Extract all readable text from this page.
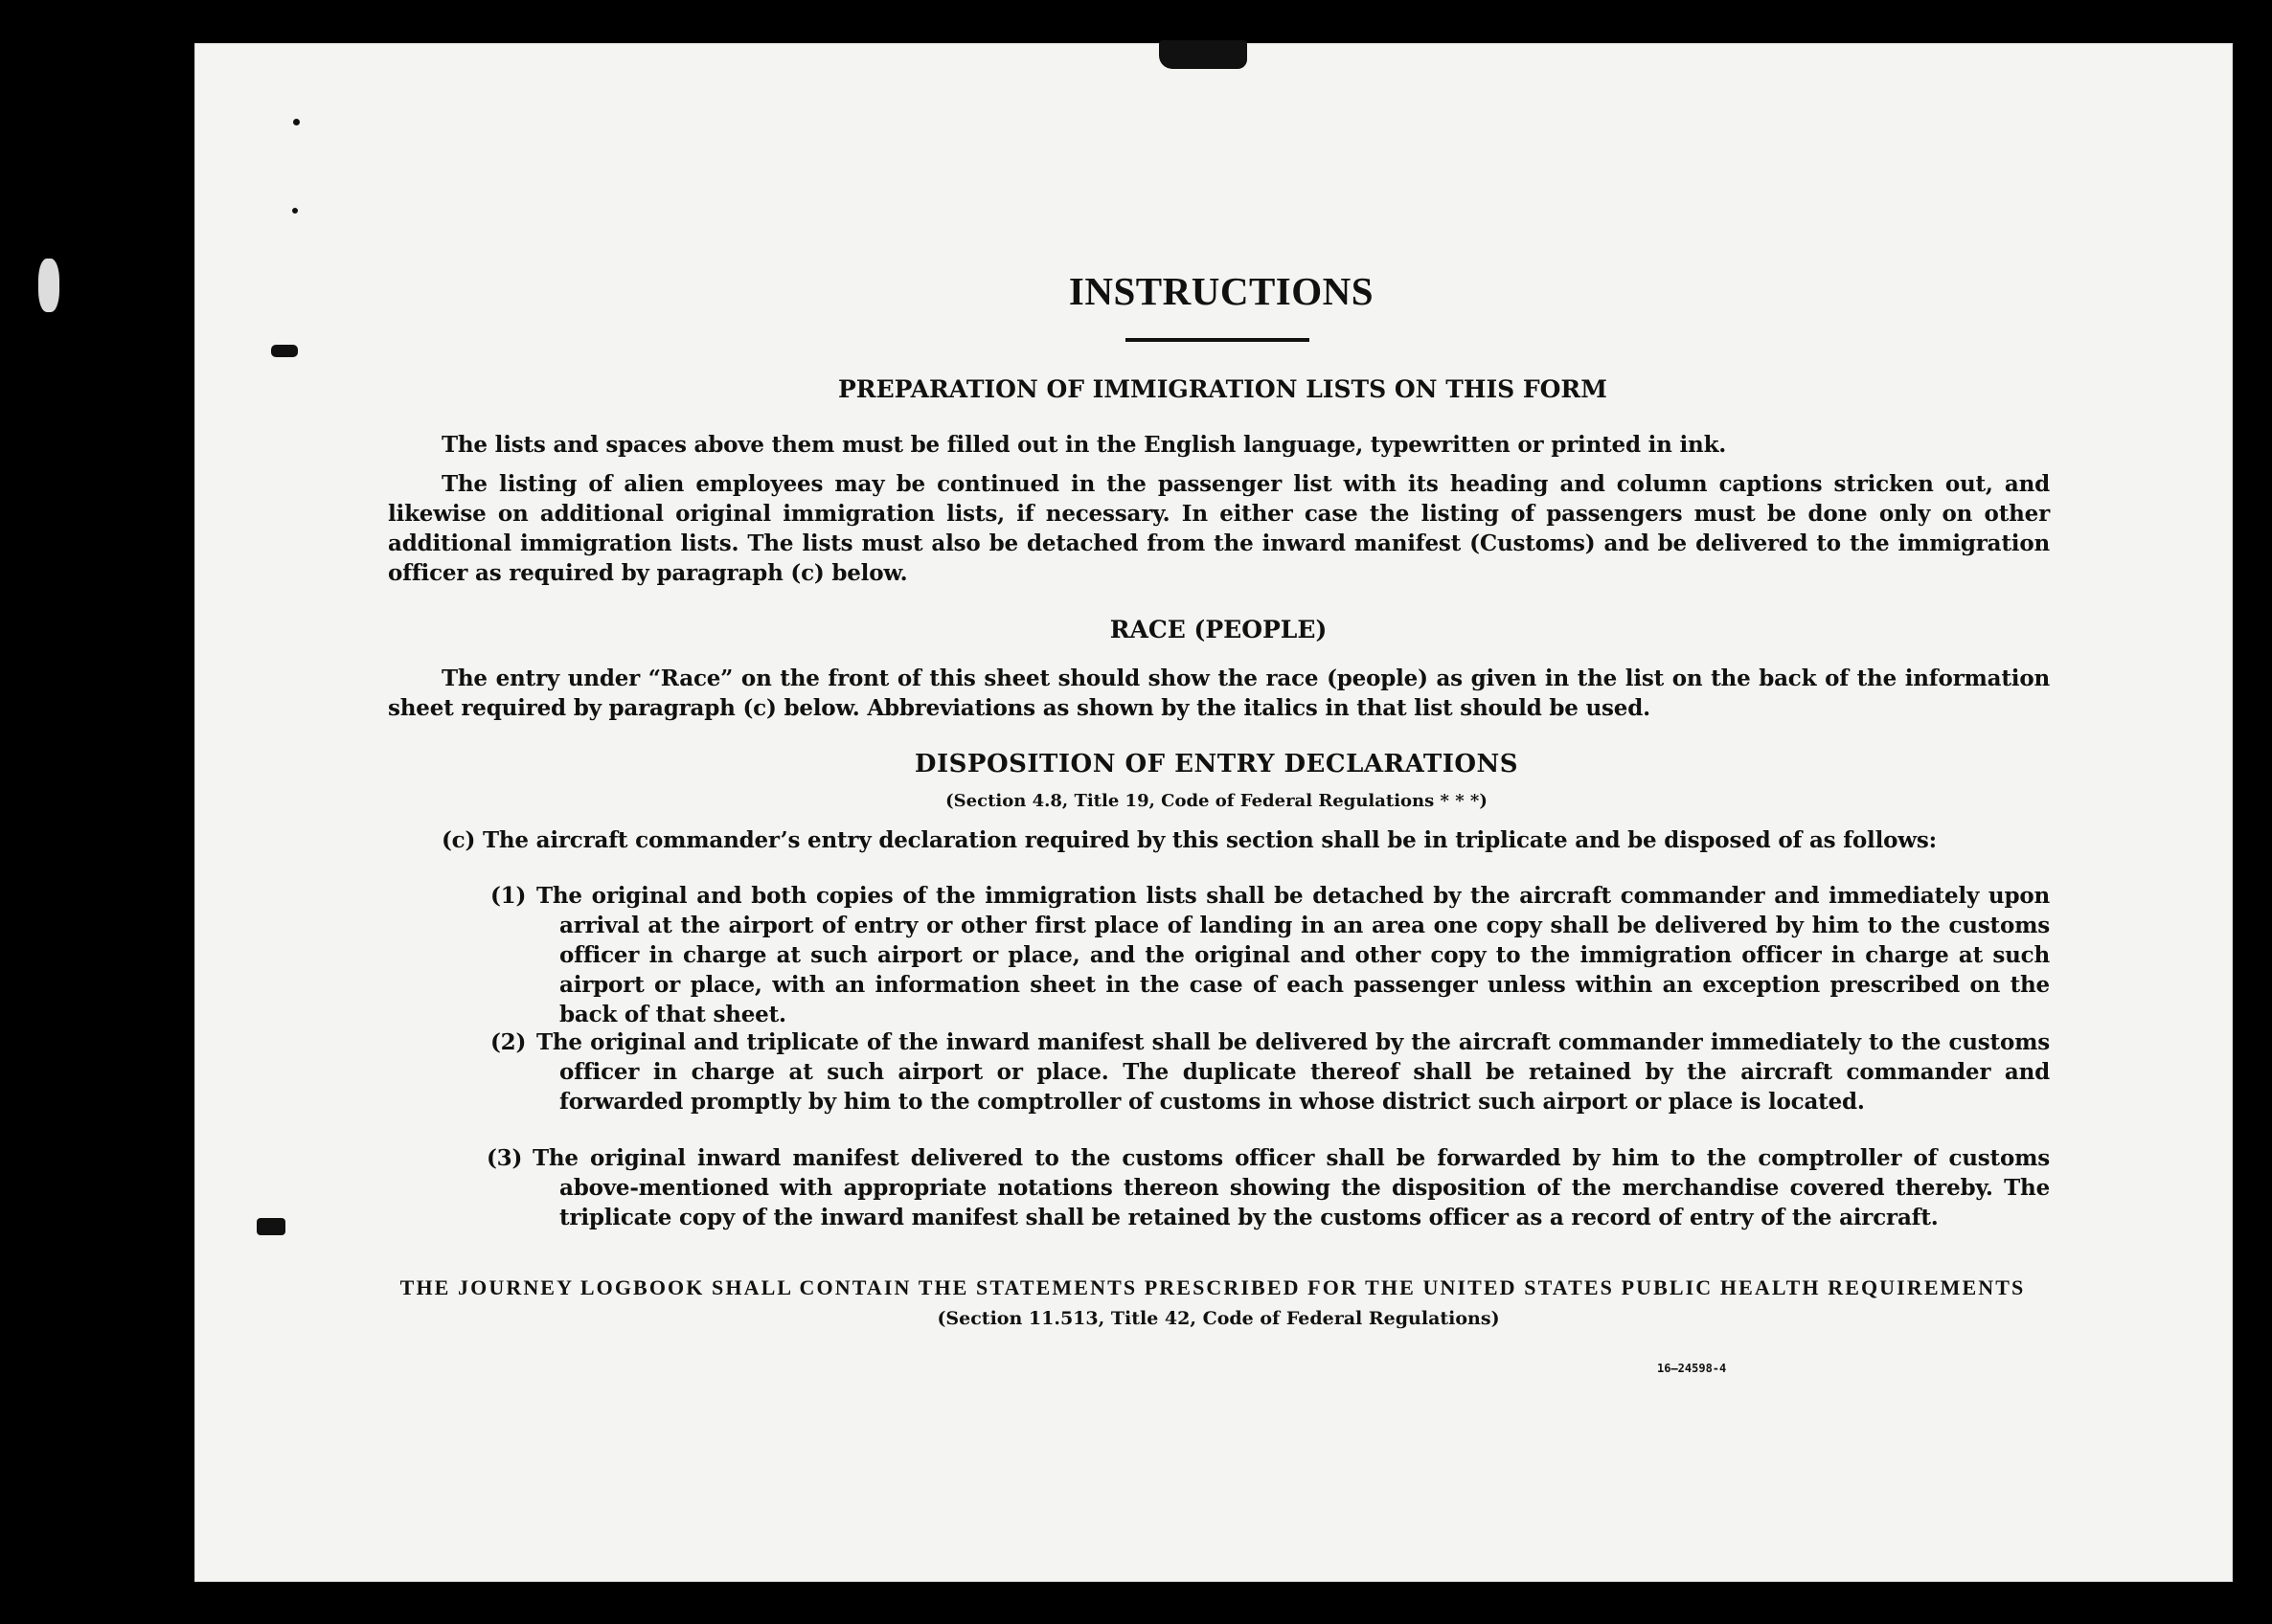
INSTRUCTIONS
PREPARATION OF IMMIGRATION LISTS ON THIS FORM
The lists and spaces above them must be filled out in the English language, typewritten or printed in ink.
The listing of alien employees may be continued in the passenger list with its heading and column captions stricken out, and likewise on additional original immigration lists, if necessary. In either case the listing of passengers must be done only on other additional immigration lists. The lists must also be detached from the inward manifest (Customs) and be delivered to the immigration officer as required by paragraph (c) below.
RACE (PEOPLE)
The entry under “Race” on the front of this sheet should show the race (people) as given in the list on the back of the information sheet required by paragraph (c) below. Abbreviations as shown by the italics in that list should be used.
DISPOSITION OF ENTRY DECLARATIONS
(Section 4.8, Title 19, Code of Federal Regulations * * *)
(c) The aircraft commander’s entry declaration required by this section shall be in triplicate and be disposed of as follows:
(1) The original and both copies of the immigration lists shall be detached by the aircraft commander and immediately upon arrival at the airport of entry or other first place of landing in an area one copy shall be delivered by him to the customs officer in charge at such airport or place, and the original and other copy to the immigration officer in charge at such airport or place, with an information sheet in the case of each passenger unless within an exception prescribed on the back of that sheet.
(2) The original and triplicate of the inward manifest shall be delivered by the aircraft commander immediately to the customs officer in charge at such airport or place. The duplicate thereof shall be retained by the aircraft commander and forwarded promptly by him to the comptroller of customs in whose district such airport or place is located.
(3) The original inward manifest delivered to the customs officer shall be forwarded by him to the comptroller of customs above-mentioned with appropriate notations thereon showing the disposition of the merchandise covered thereby. The triplicate copy of the inward manifest shall be retained by the customs officer as a record of entry of the aircraft.
THE JOURNEY LOGBOOK SHALL CONTAIN THE STATEMENTS PRESCRIBED FOR THE UNITED STATES PUBLIC HEALTH REQUIREMENTS
(Section 11.513, Title 42, Code of Federal Regulations)
16—24598‑4
